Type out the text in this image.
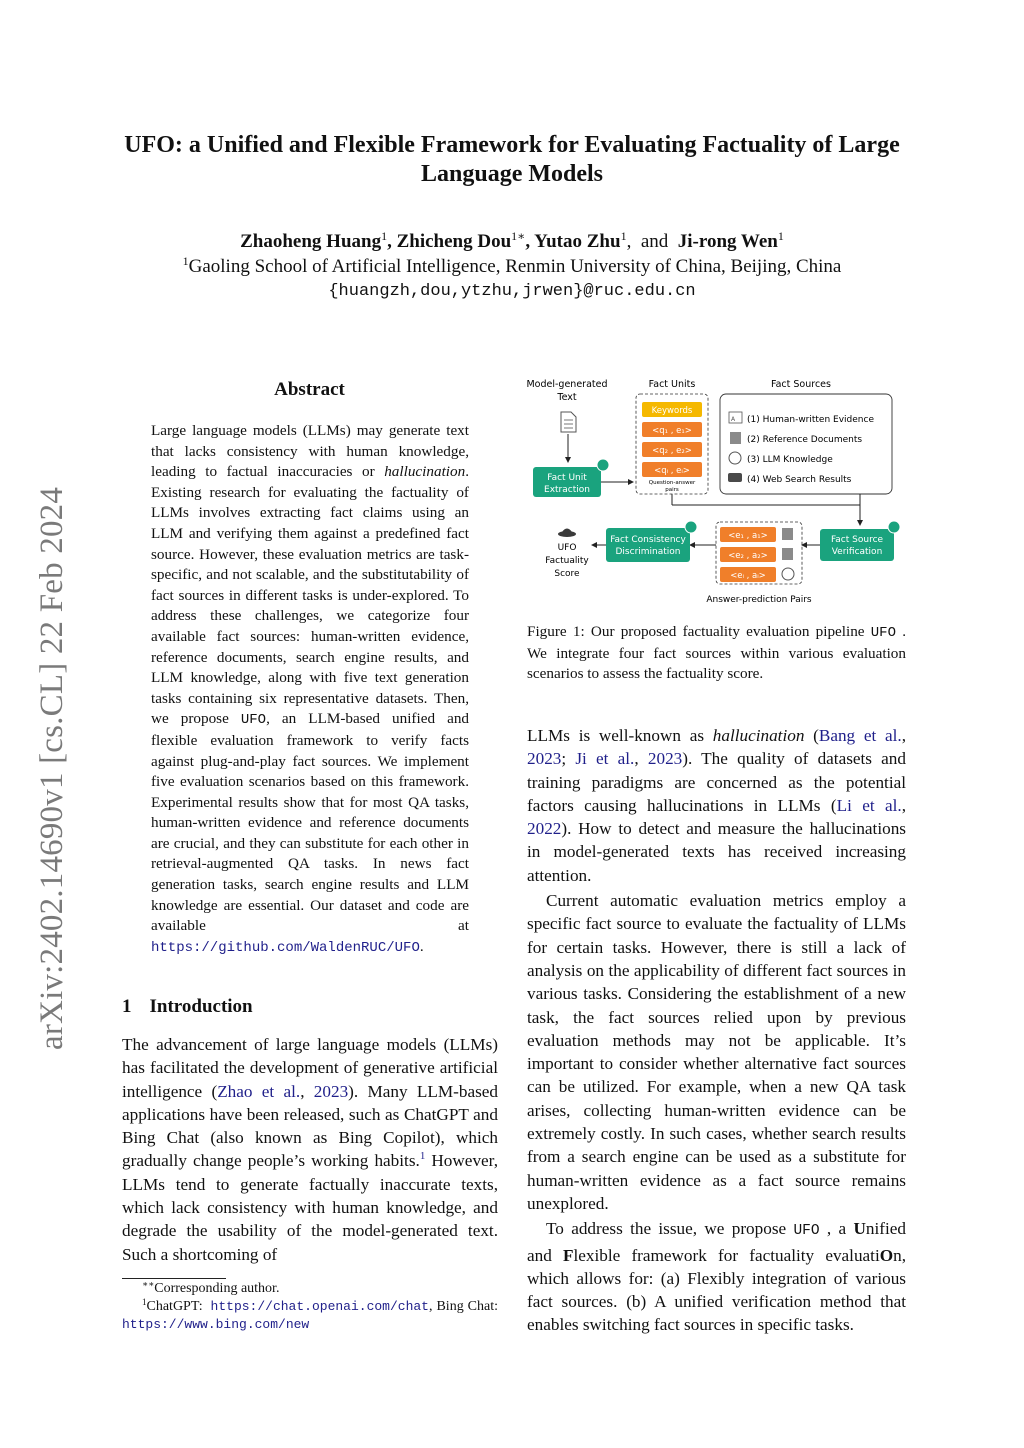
arXiv:2402.14690v1 [cs.CL] 22 Feb 2024
UFO: a Unified and Flexible Framework for Evaluating Factuality of Large Language Models
Zhaoheng Huang$^1$, Zhicheng Dou$^{1∗}$, Yutao Zhu$^1$,  and  Ji-rong Wen$^1$
$^1$Gaoling School of Artificial Intelligence, Renmin University of China, Beijing, China
{huangzh,dou,ytzhu,jrwen}@ruc.edu.cn
Abstract
Large language models (LLMs) may generate text that lacks consistency with human knowledge, leading to factual inaccuracies or hallucination. Existing research for evaluating the factuality of LLMs involves extracting fact claims using an LLM and verifying them against a predefined fact source. However, these evaluation metrics are task-specific, and not scalable, and the substitutability of fact sources in different tasks is under-explored. To address these challenges, we categorize four available fact sources: human-written evidence, reference documents, search engine results, and LLM knowledge, along with five text generation tasks containing six representative datasets. Then, we propose UFO, an LLM-based unified and flexible evaluation framework to verify facts against plug-and-play fact sources. We implement five evaluation scenarios based on this framework. Experimental results show that for most QA tasks, human-written evidence and reference documents are crucial, and they can substitute for each other in retrieval-augmented QA tasks. In news fact generation tasks, search engine results and LLM knowledge are essential. Our dataset and code are available at https://github.com/WaldenRUC/UFO.
1 Introduction
The advancement of large language models (LLMs) has facilitated the development of generative artificial intelligence (Zhao et al., 2023). Many LLM-based applications have been released, such as ChatGPT and Bing Chat (also known as Bing Copilot), which gradually change people’s working habits.$^1$ However, LLMs tend to generate factually inaccurate texts, which lack consistency with human knowledge, and degrade the usability of the model-generated text. Such a shortcoming of
∗∗Corresponding author.
$^1$ChatGPT:  https://chat.openai.com/chat, Bing Chat: https://www.bing.com/new
Model-generated
Text
Fact Units	Fact Sources
Fact Unit
Extraction
Keywords
<q₁ , e₁>
<q₂ , e₂>
<qₗ , eₗ>
Question-answer
pairs
A (1) Human-written Evidence
(2) Reference Documents
(3) LLM Knowledge
(4) Web Search Results
Fact Source
Verification
<e₁ , a₁>
<e₂ , a₂>
<eₗ , aₗ>
Answer-prediction Pairs
Fact Consistency
Discrimination
UFO
Factuality
Score
Figure 1: Our proposed factuality evaluation pipeline UFO . We integrate four fact sources within various evaluation scenarios to assess the factuality score.

LLMs is well-known as hallucination (Bang et al., 2023; Ji et al., 2023). The quality of datasets and training paradigms are concerned as the potential factors causing hallucinations in LLMs (Li et al., 2022). How to detect and measure the hallucinations in model-generated texts has received increasing attention.

Current automatic evaluation metrics employ a specific fact source to evaluate the factuality of LLMs for certain tasks. However, there is still a lack of analysis on the applicability of different fact sources in various tasks. Considering the establishment of a new task, the fact sources relied upon by previous evaluation methods may not be applicable. It’s important to consider whether alternative fact sources can be utilized. For example, when a new QA task arises, collecting human-written evidence can be extremely costly. In such cases, whether search results from a search engine can be used as a substitute for human-written evidence as a fact source remains unexplored.

To address the issue, we propose UFO , a Unified and Flexible framework for factuality evaluatiOn, which allows for: (a) Flexibly integration of various fact sources. (b) A unified verification method that enables switching fact sources in specific tasks.
